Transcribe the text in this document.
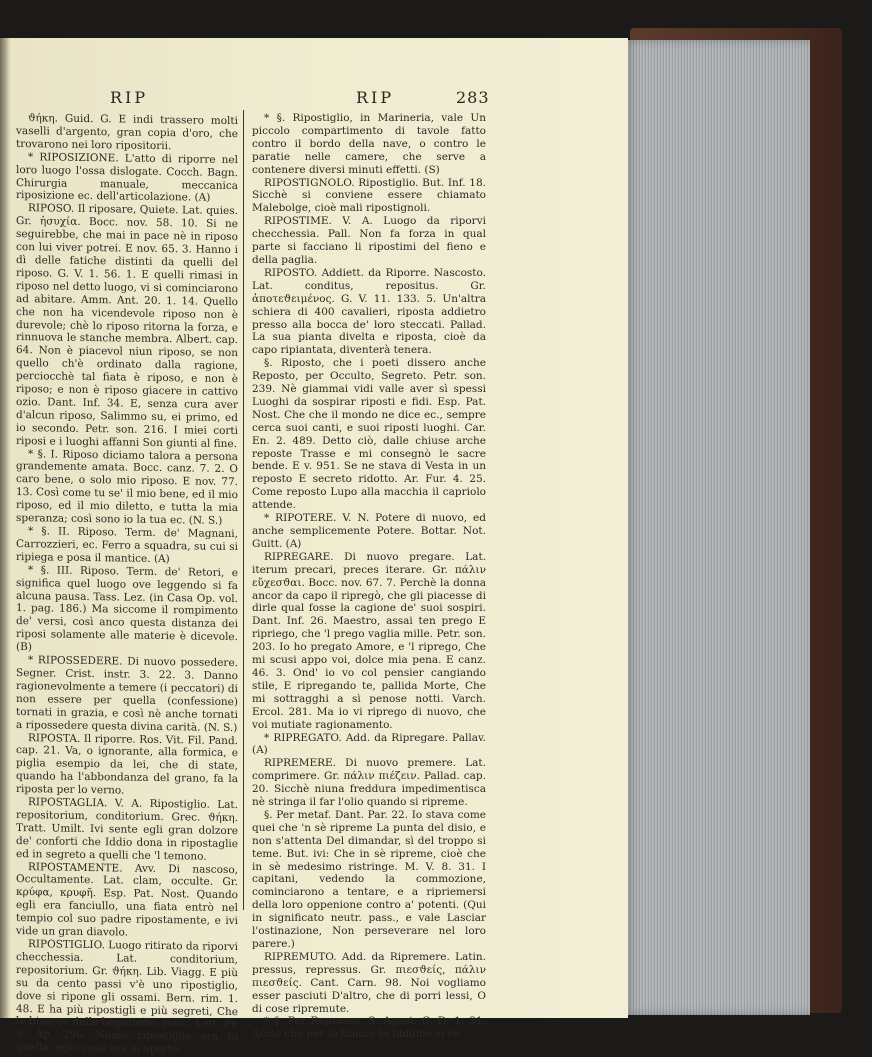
RIP	RIP	283

ϑήκη. Guid. G. E indi trassero molti vaselli d'argento, gran copia d'oro, che trovarono nei loro ripositorii.

* RIPOSIZIONE. L'atto di riporre nel loro luogo l'ossa dislogate. Cocch. Bagn. Chirurgia manuale, meccanica riposizione ec. dell'articolazione. (A)

RIPOSO. Il riposare, Quiete. Lat. quies. Gr. ἡσυχία. Bocc. nov. 58. 10. Si ne seguirebbe, che mai in pace nè in riposo con lui viver potrei. E nov. 65. 3. Hanno i dì delle fatiche distinti da quelli del riposo. G. V. 1. 56. 1. E quelli rimasi in riposo nel detto luogo, vi si cominciarono ad abitare. Amm. Ant. 20. 1. 14. Quello che non ha vicendevole riposo non è durevole; chè lo riposo ritorna la forza, e rinnuova le stanche membra. Albert. cap. 64. Non è piacevol niun riposo, se non quello ch'è ordinato dalla ragione, perciocchè tal fiata è riposo, e non è riposo; e non è riposo giacere in cattivo ozio. Dant. Inf. 34. E, senza cura aver d'alcun riposo, Salimmo su, ei primo, ed io secondo. Petr. son. 216. I miei corti riposi e i luoghi affanni Son giunti al fine.

* §. I. Riposo diciamo talora a persona grandemente amata. Bocc. canz. 7. 2. O caro bene, o solo mio riposo. E nov. 77. 13. Così come tu se' il mio bene, ed il mio riposo, ed il mio diletto, e tutta la mia speranza; così sono io la tua ec. (N. S.)

* §. II. Riposo. Term. de' Magnani, Carrozzieri, ec. Ferro a squadra, su cui si ripiega e posa il mantice. (A)

* §. III. Riposo. Term. de' Retori, e significa quel luogo ove leggendo si fa alcuna pausa. Tass. Lez. (in Casa Op. vol. 1. pag. 186.) Ma siccome il rompimento de' versi, così anco questa distanza dei riposi solamente alle materie è dicevole. (B)

* RIPOSSEDERE. Di nuovo possedere. Segner. Crist. instr. 3. 22. 3. Danno ragionevolmente a temere (i peccatori) di non essere per quella (confessione) tornati in grazia, e così nè anche tornati a ripossedere questa divina carità. (N. S.)

RIPOSTA. Il riporre. Ros. Vit. Fil. Pand. cap. 21. Va, o ignorante, alla formica, e piglia esempio da lei, che di state, quando ha l'abbondanza del grano, fa la riposta per lo verno.

RIPOSTAGLIA. V. A. Ripostiglio. Lat. repositorium, conditorium. Grec. ϑήκη. Tratt. Umilt. Ivi sente egli gran dolzore de' conforti che Iddio dona in ripostaglie ed in segreto a quelli che 'l temono.

RIPOSTAMENTE. Avv. Di nascoso, Occultamente. Lat. clam, occulte. Gr. κρύφα, κρυφῆ. Esp. Pat. Nost. Quando egli era fanciullo, una fiata entrò nel tempio col suo padre ripostamente, e ivi vide un gran diavolo.

RIPOSTIGLIO. Luogo ritirato da riporvi checchessia. Lat. conditorium, repositorium. Gr. ϑήκη. Lib. Viagg. E più su da cento passi v'è uno ripostiglio, dove si ripone gli ossami. Bern. rim. 1. 48. E ha più ripostigli e più segreti, Che le bisacce delle bagattelle. Bocc. Lett. Pr. S. Ap. 296. Niuno ripostiglio era in quella; ogni cosa era in aperto.

* §. Ripostiglio, in Marineria, vale Un piccolo compartimento di tavole fatto contro il bordo della nave, o contro le paratie nelle camere, che serve a contenere diversi minuti effetti. (S)

RIPOSTIGNOLO. Ripostiglio. But. Inf. 18. Sicchè si conviene essere chiamato Malebolge, cioè mali ripostignoli.

RIPOSTIME. V. A. Luogo da riporvi checchessia. Pall. Non fa forza in qual parte si facciano li ripostimi del fieno e della paglia.

RIPOSTO. Addiett. da Riporre. Nascosto. Lat. conditus, repositus. Gr. ἀποτεϑειμένος. G. V. 11. 133. 5. Un'altra schiera di 400 cavalieri, riposta addietro presso alla bocca de' loro steccati. Pallad. La sua pianta divelta e riposta, cioè da capo ripiantata, diventerà tenera.

§. Riposto, che i poeti dissero anche Reposto, per Occulto, Segreto. Petr. son. 239. Nè giammai vidi valle aver sì spessi Luoghi da sospirar riposti e fidi. Esp. Pat. Nost. Che che il mondo ne dice ec., sempre cerca suoi canti, e suoi riposti luoghi. Car. En. 2. 489. Detto ciò, dalle chiuse arche reposte Trasse e mi consegnò le sacre bende. E v. 951. Se ne stava di Vesta in un reposto E secreto ridotto. Ar. Fur. 4. 25. Come reposto Lupo alla macchia il capriolo attende.

* RIPOTERE. V. N. Potere di nuovo, ed anche semplicemente Potere. Bottar. Not. Guitt. (A)

RIPREGARE. Di nuovo pregare. Lat. iterum precari, preces iterare. Gr. πάλιν εὔχεσϑαι. Bocc. nov. 67. 7. Perchè la donna ancor da capo il ripregò, che gli piacesse di dirle qual fosse la cagione de' suoi sospiri. Dant. Inf. 26. Maestro, assai ten prego E ripriego, che 'l prego vaglia mille. Petr. son. 203. Io ho pregato Amore, e 'l riprego, Che mi scusi appo voi, dolce mia pena. E canz. 46. 3. Ond' io vo col pensier cangiando stile, E ripregando te, pallida Morte, Che mi sottragghi a sì penose notti. Varch. Ercol. 281. Ma io vi riprego di nuovo, che voi mutiate ragionamento.

* RIPREGATO. Add. da Ripregare. Pallav. (A)

RIPREMERE. Di nuovo premere. Lat. comprimere. Gr. πάλιν πιέζειν. Pallad. cap. 20. Sicchè niuna freddura impedimentisca nè stringa il far l'olio quando si ripreme.

§. Per metaf. Dant. Par. 22. Io stava come quei che 'n sè ripreme La punta del disio, e non s'attenta Del dimandar, sì del troppo si teme. But. ivi: Che in sè ripreme, cioè che in sè medesimo ristringe. M. V. 8. 31. I capitani, vedendo la commozione, cominciarono a tentare, e a ripriemersi della loro oppenione contro a' potenti. (Qui in significato neutr. pass., e vale Lasciar l'ostinazione, Non perseverare nel loro parere.)

RIPREMUTO. Add. da Ripremere. Latin. pressus, repressus. Gr. πιεσϑείς, πάλιν πιεσϑείς. Cant. Carn. 98. Noi vogliamo esser pasciuti D'altro, che di porri lessi, O di cose ripremute.

* §. Per Represso. S. Agost. C. D. 1. 31. Acciò che per lo timore la libidine si re-
